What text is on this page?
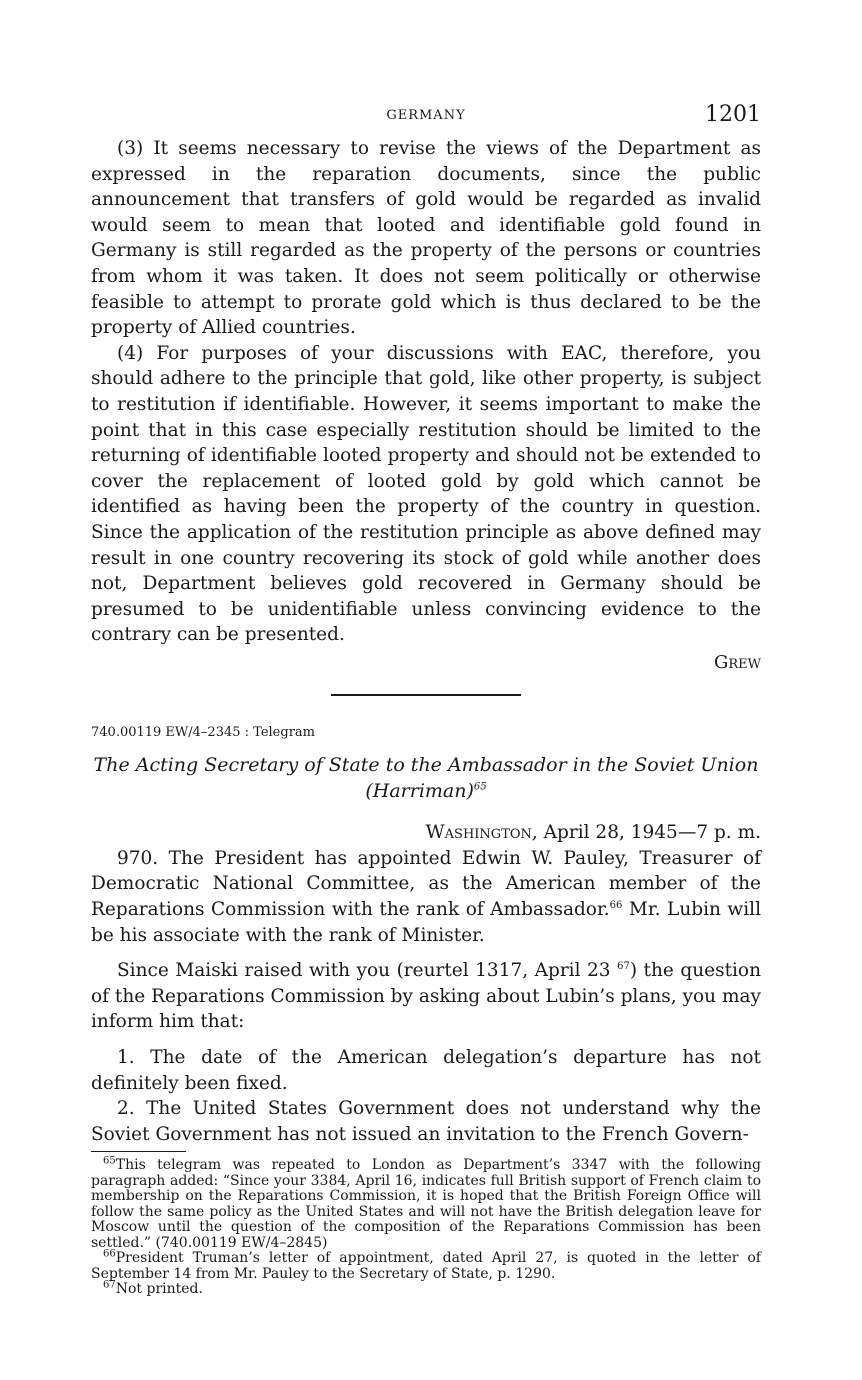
GERMANY	1201

(3) It seems necessary to revise the views of the Department as expressed in the reparation documents, since the public announcement that transfers of gold would be regarded as invalid would seem to mean that looted and identifiable gold found in Germany is still regarded as the property of the persons or countries from whom it was taken. It does not seem politically or otherwise feasible to attempt to prorate gold which is thus declared to be the property of Allied countries.

(4) For purposes of your discussions with EAC, therefore, you should adhere to the principle that gold, like other property, is subject to restitution if identifiable. However, it seems important to make the point that in this case especially restitution should be limited to the returning of identifiable looted property and should not be extended to cover the replacement of looted gold by gold which cannot be identified as having been the property of the country in question. Since the application of the restitution principle as above defined may result in one country recovering its stock of gold while another does not, Department believes gold recovered in Germany should be presumed to be unidentifiable unless convincing evidence to the contrary can be presented.

Grew
740.00119 EW/4–2345 : Telegram
The Acting Secretary of State to the Ambassador in the Soviet Union
(Harriman)$^{65}$
Washington, April 28, 1945—7 p. m.

970. The President has appointed Edwin W. Pauley, Treasurer of Democratic National Committee, as the American member of the Reparations Commission with the rank of Ambassador.$^{66}$ Mr. Lubin will be his associate with the rank of Minister.

Since Maiski raised with you (reurtel 1317, April 23 $^{67}$) the question of the Reparations Commission by asking about Lubin’s plans, you may inform him that:

1. The date of the American delegation’s departure has not definitely been fixed.

2. The United States Government does not understand why the Soviet Government has not issued an invitation to the French Govern-

$^{65}$This telegram was repeated to London as Department’s 3347 with the following paragraph added: “Since your 3384, April 16, indicates full British support of French claim to membership on the Reparations Commission, it is hoped that the British Foreign Office will follow the same policy as the United States and will not have the British delegation leave for Moscow until the question of the composition of the Reparations Commission has been settled.” (740.00119 EW/4–2845)

$^{66}$President Truman’s letter of appointment, dated April 27, is quoted in the letter of September 14 from Mr. Pauley to the Secretary of State, p. 1290.

$^{67}$Not printed.
